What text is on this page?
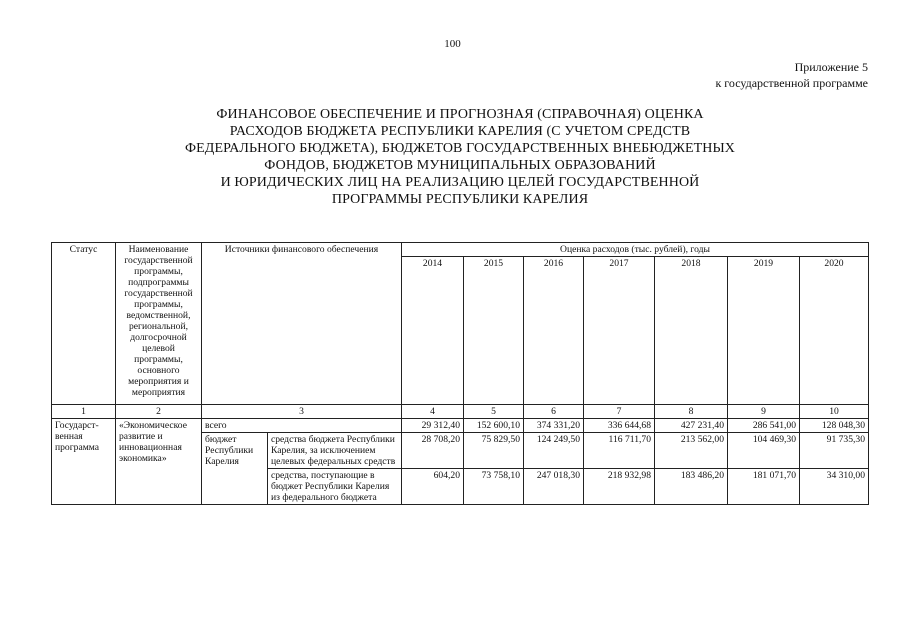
100
Приложение 5
к государственной программе
ФИНАНСОВОЕ ОБЕСПЕЧЕНИЕ И ПРОГНОЗНАЯ (СПРАВОЧНАЯ) ОЦЕНКА
РАСХОДОВ БЮДЖЕТА РЕСПУБЛИКИ КАРЕЛИЯ (С УЧЕТОМ СРЕДСТВ
ФЕДЕРАЛЬНОГО БЮДЖЕТА), БЮДЖЕТОВ ГОСУДАРСТВЕННЫХ ВНЕБЮДЖЕТНЫХ
ФОНДОВ, БЮДЖЕТОВ МУНИЦИПАЛЬНЫХ ОБРАЗОВАНИЙ
И ЮРИДИЧЕСКИХ ЛИЦ НА РЕАЛИЗАЦИЮ ЦЕЛЕЙ ГОСУДАРСТВЕННОЙ
ПРОГРАММЫ РЕСПУБЛИКИ КАРЕЛИЯ
Статус	Наименование государственной программы, подпрограммы государственной программы, ведомственной, региональной, долгосрочной целевой программы, основного мероприятия и мероприятия	Источники финансового обеспечения		Оценка расходов (тыс. рублей), годы						
				2014	2015	2016	2017	2018	2019	2020
1	2	3		4	5	6	7	8	9	10
Государст-венная программа	«Экономическое развитие и инновационная экономика»	всего		29 312,40	152 600,10	374 331,20	336 644,68	427 231,40	286 541,00	128 048,30
		бюджет Республики Карелия	средства бюджета Республики Карелия, за исключением целевых федеральных средств	28 708,20	75 829,50	124 249,50	116 711,70	213 562,00	104 469,30	91 735,30
			средства, поступающие в бюджет Республики Карелия из федерального бюджета	604,20	73 758,10	247 018,30	218 932,98	183 486,20	181 071,70	34 310,00
